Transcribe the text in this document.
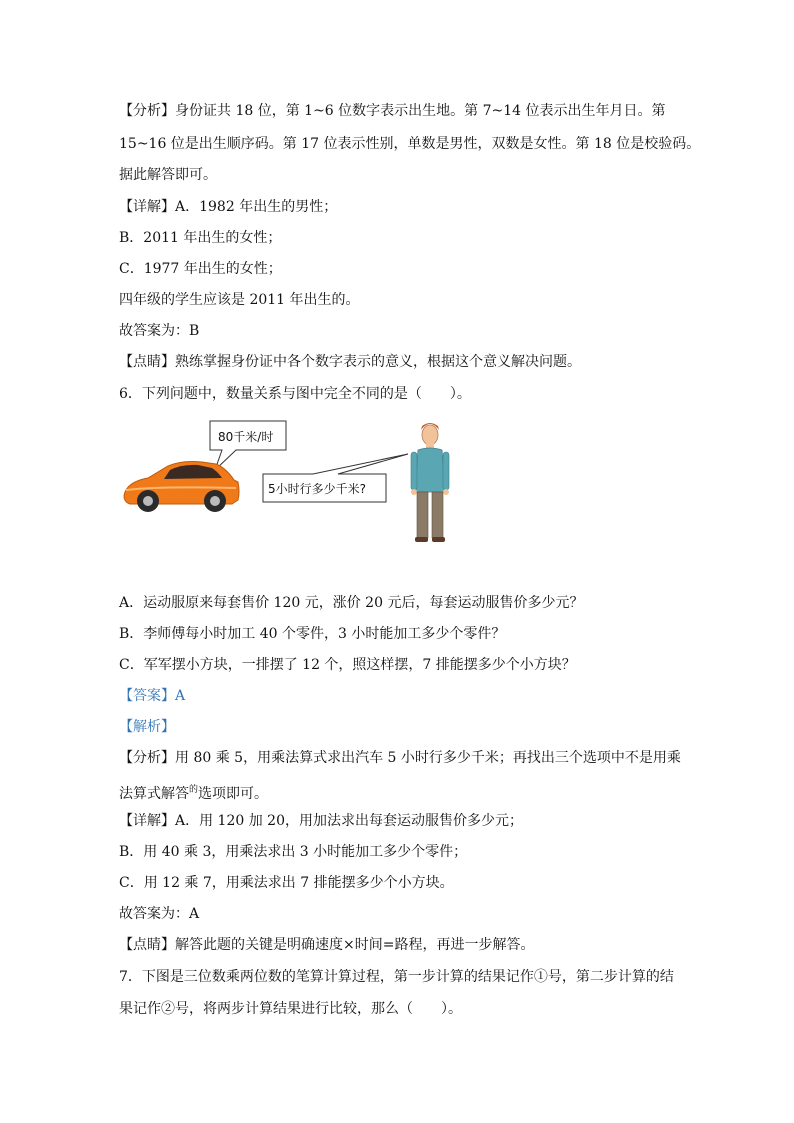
【分析】身份证共 18 位，第 1~6 位数字表示出生地。第 7~14 位表示出生年月日。第
15~16 位是出生顺序码。第 17 位表示性别，单数是男性，双数是女性。第 18 位是校验码。
据此解答即可。
【详解】A．1982 年出生的男性；
B．2011 年出生的女性；
C．1977 年出生的女性；
四年级的学生应该是 2011 年出生的。
故答案为：B
【点睛】熟练掌握身份证中各个数字表示的意义，根据这个意义解决问题。
6．下列问题中，数量关系与图中完全不同的是（　　）。
80千米/时
5小时行多少千米?
A．运动服原来每套售价 120 元，涨价 20 元后，每套运动服售价多少元？
B．李师傅每小时加工 40 个零件，3 小时能加工多少个零件？
C．军军摆小方块，一排摆了 12 个，照这样摆，7 排能摆多少个小方块？
【答案】A
【解析】
【分析】用 80 乘 5，用乘法算式求出汽车 5 小时行多少千米；再找出三个选项中不是用乘
法算式解答$^的$选项即可。
【详解】A．用 120 加 20，用加法求出每套运动服售价多少元；
B．用 40 乘 3，用乘法求出 3 小时能加工多少个零件；
C．用 12 乘 7，用乘法求出 7 排能摆多少个小方块。
故答案为：A
【点睛】解答此题的关键是明确速度×时间=路程，再进一步解答。
7．下图是三位数乘两位数的笔算计算过程，第一步计算的结果记作①号，第二步计算的结
果记作②号，将两步计算结果进行比较，那么（　　）。
